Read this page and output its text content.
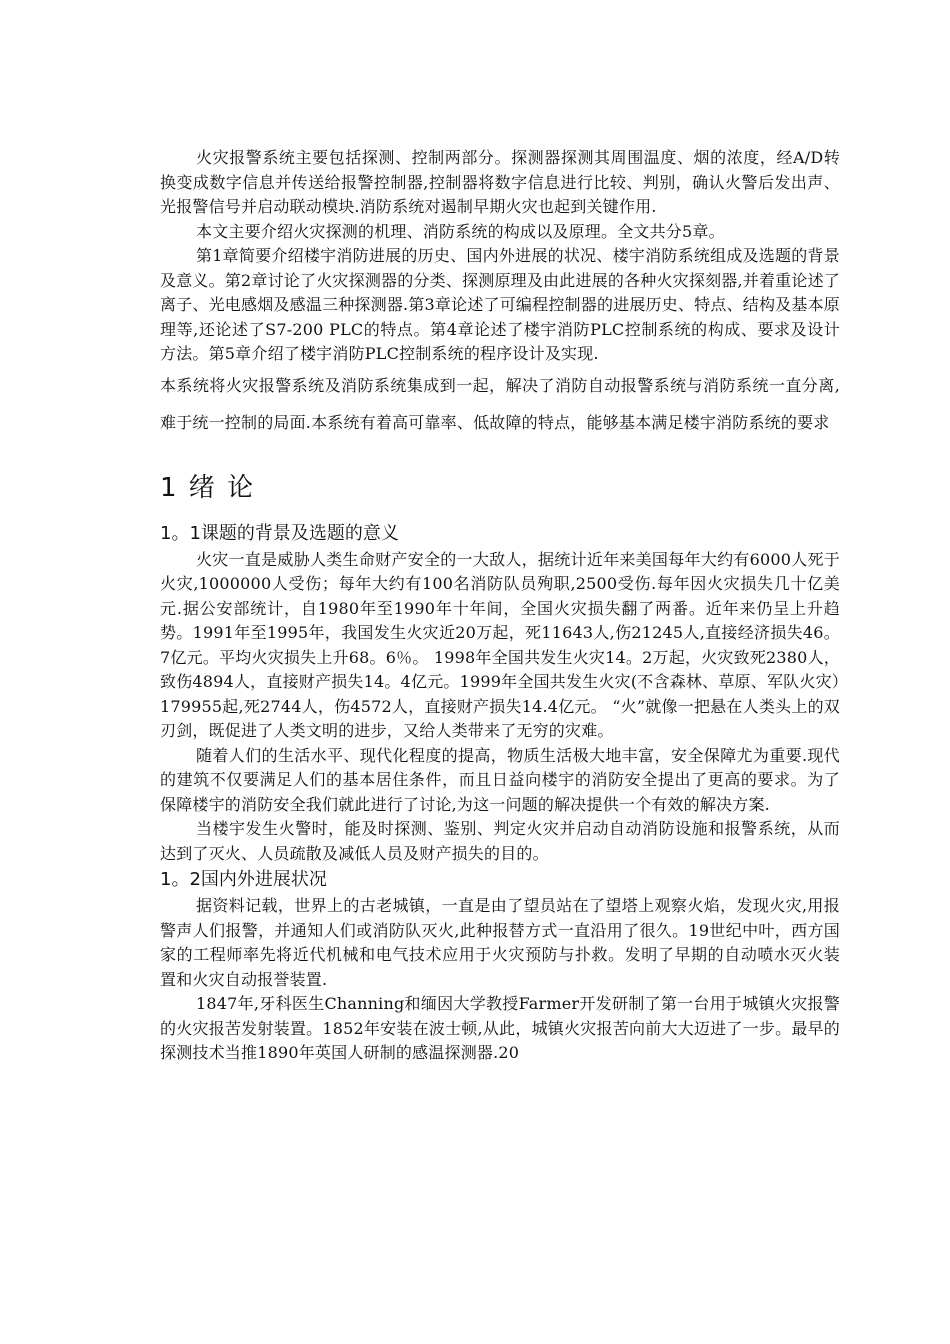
火灾报警系统主要包括探测、控制两部分。探测器探测其周围温度、烟的浓度，经A/D转换变成数字信息并传送给报警控制器,控制器将数字信息进行比较、判别，确认火警后发出声、光报警信号并启动联动模块.消防系统对遏制早期火灾也起到关键作用.

本文主要介绍火灾探测的机理、消防系统的构成以及原理。全文共分5章。

第1章简要介绍楼宇消防进展的历史、国内外进展的状况、楼宇消防系统组成及选题的背景及意义。第2章讨论了火灾探测器的分类、探测原理及由此进展的各种火灾探刻器,并着重论述了离子、光电感烟及感温三种探测器.第3章论述了可编程控制器的进展历史、特点、结构及基本原理等,还论述了S7-200 PLC的特点。第4章论述了楼宇消防PLC控制系统的构成、要求及设计方法。第5章介绍了楼宇消防PLC控制系统的程序设计及实现.

本系统将火灾报警系统及消防系统集成到一起，解决了消防自动报警系统与消防系统一直分离,难于统一控制的局面.本系统有着高可靠率、低故障的特点，能够基本满足楼宇消防系统的要求

1 绪 论
1。1课题的背景及选题的意义

火灾一直是威胁人类生命财产安全的一大敌人，据统计近年来美国每年大约有6000人死于火灾,1000000人受伤；每年大约有100名消防队员殉职,2500受伤.每年因火灾损失几十亿美元.据公安部统计，自1980年至1990年十年间，全国火灾损失翻了两番。近年来仍呈上升趋势。1991年至1995年，我国发生火灾近20万起，死11643人,伤21245人,直接经济损失46。7亿元。平均火灾损失上升68。6％。 1998年全国共发生火灾14。2万起，火灾致死2380人，致伤4894人，直接财产损失14。4亿元。1999年全国共发生火灾(不含森林、草原、军队火灾）179955起,死2744人，伤4572人，直接财产损失14.4亿元。 “火”就像一把悬在人类头上的双刃剑，既促进了人类文明的进步，又给人类带来了无穷的灾难。

随着人们的生活水平、现代化程度的提高，物质生活极大地丰富，安全保障尤为重要.现代的建筑不仅要满足人们的基本居住条件，而且日益向楼宇的消防安全提出了更高的要求。为了保障楼宇的消防安全我们就此进行了讨论,为这一问题的解决提供一个有效的解决方案.

当楼宇发生火警时，能及时探测、鉴别、判定火灾并启动自动消防设施和报警系统，从而达到了灭火、人员疏散及减低人员及财产损失的目的。

1。2国内外进展状况

据资料记载，世界上的古老城镇，一直是由了望员站在了望塔上观察火焰，发现火灾,用报警声人们报警，并通知人们或消防队灭火,此种报替方式一直沿用了很久。19世纪中叶，西方国家的工程师率先将近代机械和电气技术应用于火灾预防与扑救。发明了早期的自动喷水灭火装置和火灾自动报誉装置.

1847年,牙科医生Channing和缅因大学教授Farmer开发研制了第一台用于城镇火灾报警的火灾报苦发射装置。1852年安装在波士顿,从此，城镇火灾报苦向前大大迈进了一步。最早的探测技术当推1890年英国人研制的感温探测器.20
